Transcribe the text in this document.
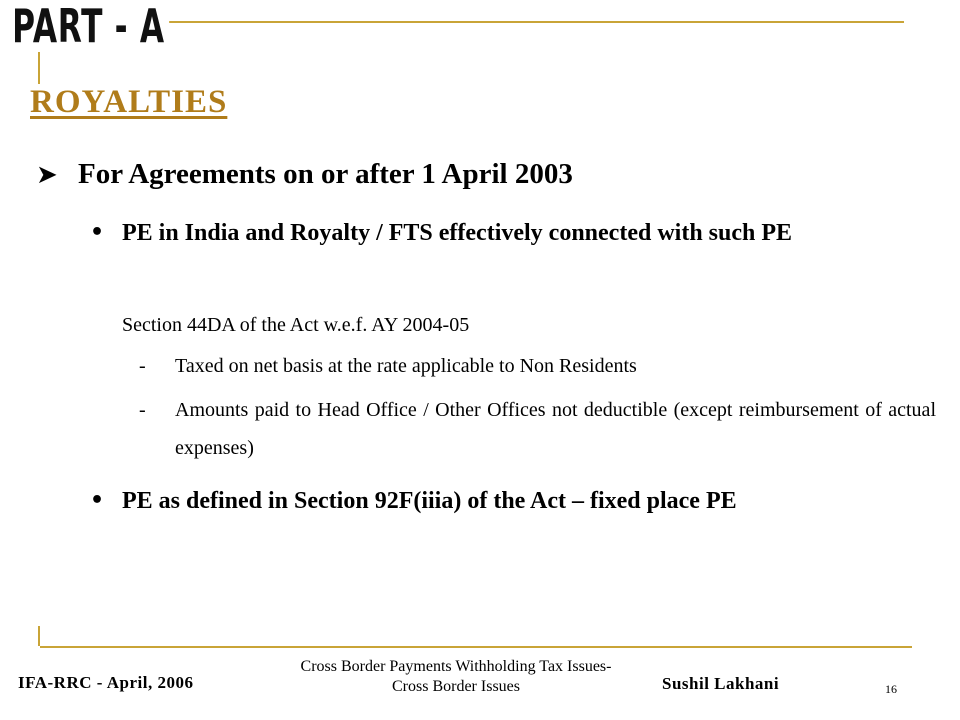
PART - A
ROYALTIES
➤ For Agreements on or after 1 April 2003
• PE in India and Royalty / FTS effectively connected with such PE
Section 44DA of the Act w.e.f. AY 2004-05
- Taxed on net basis at the rate applicable to Non Residents
- Amounts paid to Head Office / Other Offices not deductible (except reimbursement of actual expenses)
• PE as defined in Section 92F(iiia) of the Act – fixed place PE
IFA-RRC - April, 2006
Cross Border Payments Withholding Tax Issues-
Cross Border Issues	Sushil Lakhani	16
